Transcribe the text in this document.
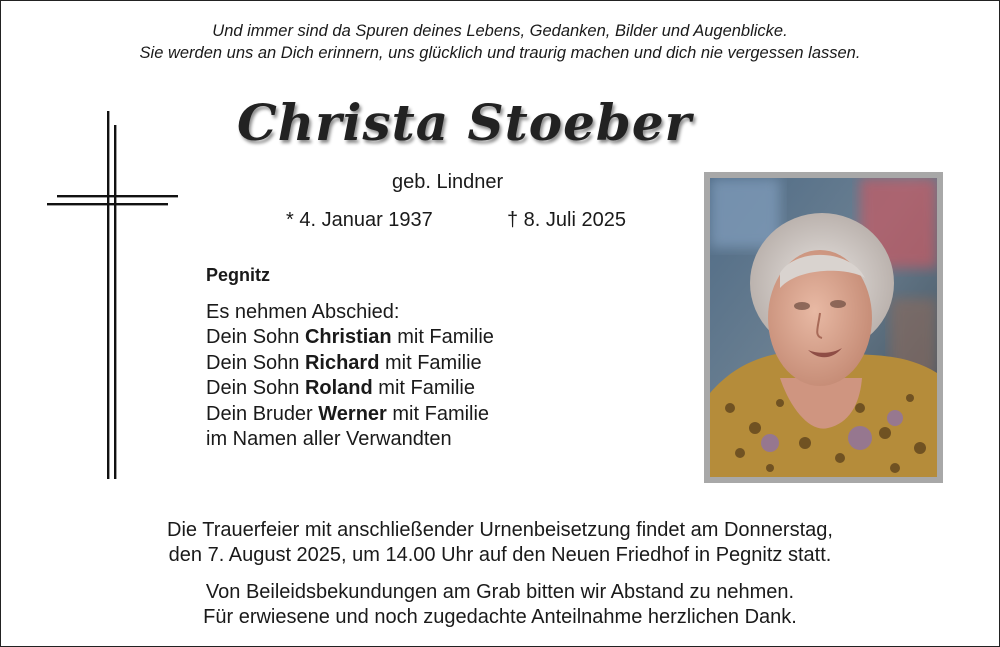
Und immer sind da Spuren deines Lebens, Gedanken, Bilder und Augenblicke.
Sie werden uns an Dich erinnern, uns glücklich und traurig machen und dich nie vergessen lassen.
Christa Stoeber
geb. Lindner
* 4. Januar 1937	† 8. Juli 2025
Pegnitz
Es nehmen Abschied:
Dein Sohn Christian mit Familie
Dein Sohn Richard mit Familie
Dein Sohn Roland mit Familie
Dein Bruder Werner mit Familie
im Namen aller Verwandten
Die Trauerfeier mit anschließender Urnenbeisetzung findet am Donnerstag,
den 7. August 2025, um 14.00 Uhr auf den Neuen Friedhof in Pegnitz statt.
Von Beileidsbekundungen am Grab bitten wir Abstand zu nehmen.
Für erwiesene und noch zugedachte Anteilnahme herzlichen Dank.
